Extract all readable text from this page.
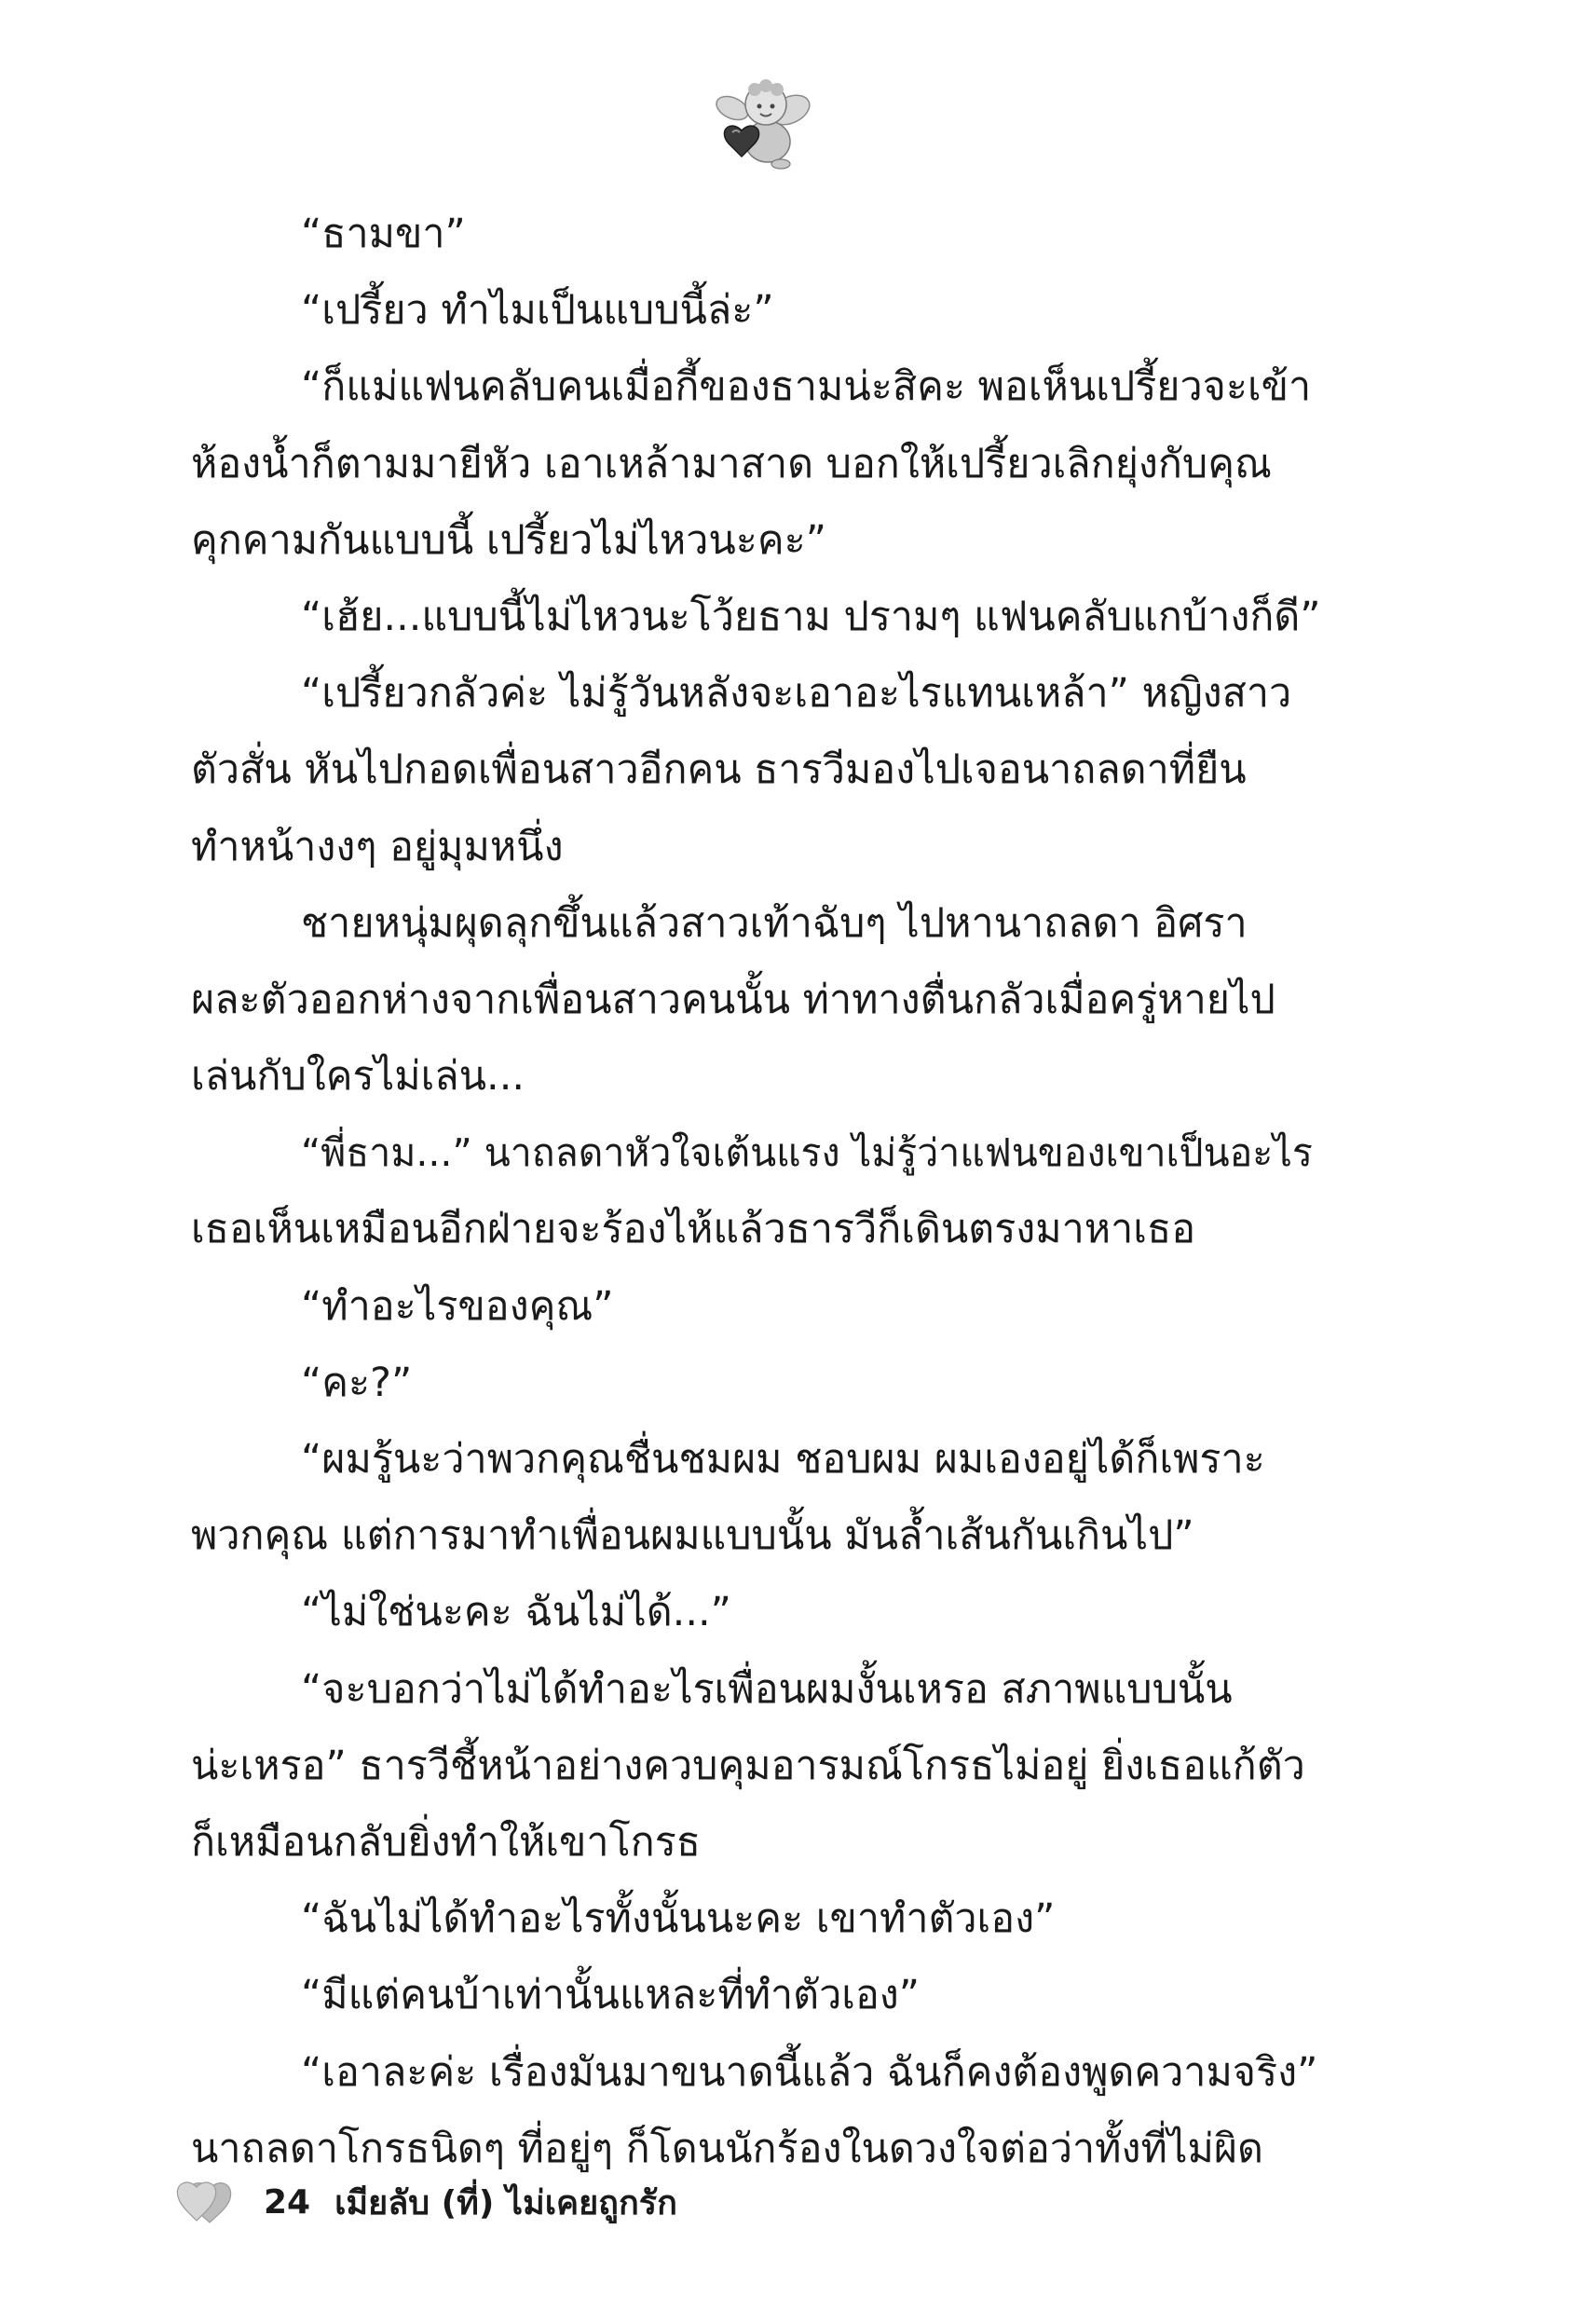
“ธามขา”
“เปรี้ยว ทำไมเป็นแบบนี้ล่ะ”
“ก็แม่แฟนคลับคนเมื่อกี้ของธามน่ะสิคะ พอเห็นเปรี้ยวจะเข้า
ห้องน้ำก็ตามมายีหัว เอาเหล้ามาสาด บอกให้เปรี้ยวเลิกยุ่งกับคุณ
คุกคามกันแบบนี้ เปรี้ยวไม่ไหวนะคะ”
“เฮ้ย...แบบนี้ไม่ไหวนะโว้ยธาม ปรามๆ แฟนคลับแกบ้างก็ดี”
“เปรี้ยวกลัวค่ะ ไม่รู้วันหลังจะเอาอะไรแทนเหล้า” หญิงสาว
ตัวสั่น หันไปกอดเพื่อนสาวอีกคน ธารวีมองไปเจอนาถลดาที่ยืน
ทำหน้างงๆ อยู่มุมหนึ่ง
ชายหนุ่มผุดลุกขึ้นแล้วสาวเท้าฉับๆ ไปหานาถลดา อิศรา
ผละตัวออกห่างจากเพื่อนสาวคนนั้น ท่าทางตื่นกลัวเมื่อครู่หายไป
เล่นกับใครไม่เล่น...
“พี่ธาม...” นาถลดาหัวใจเต้นแรง ไม่รู้ว่าแฟนของเขาเป็นอะไร
เธอเห็นเหมือนอีกฝ่ายจะร้องไห้แล้วธารวีก็เดินตรงมาหาเธอ
“ทำอะไรของคุณ”
“คะ?”
“ผมรู้นะว่าพวกคุณชื่นชมผม ชอบผม ผมเองอยู่ได้ก็เพราะ
พวกคุณ แต่การมาทำเพื่อนผมแบบนั้น มันล้ำเส้นกันเกินไป”
“ไม่ใช่นะคะ ฉันไม่ได้...”
“จะบอกว่าไม่ได้ทำอะไรเพื่อนผมงั้นเหรอ สภาพแบบนั้น
น่ะเหรอ” ธารวีชี้หน้าอย่างควบคุมอารมณ์โกรธไม่อยู่ ยิ่งเธอแก้ตัว
ก็เหมือนกลับยิ่งทำให้เขาโกรธ
“ฉันไม่ได้ทำอะไรทั้งนั้นนะคะ เขาทำตัวเอง”
“มีแต่คนบ้าเท่านั้นแหละที่ทำตัวเอง”
“เอาละค่ะ เรื่องมันมาขนาดนี้แล้ว ฉันก็คงต้องพูดความจริง”
นาถลดาโกรธนิดๆ ที่อยู่ๆ ก็โดนนักร้องในดวงใจต่อว่าทั้งที่ไม่ผิด
24 เมียลับ (ที่) ไม่เคยถูกรัก
